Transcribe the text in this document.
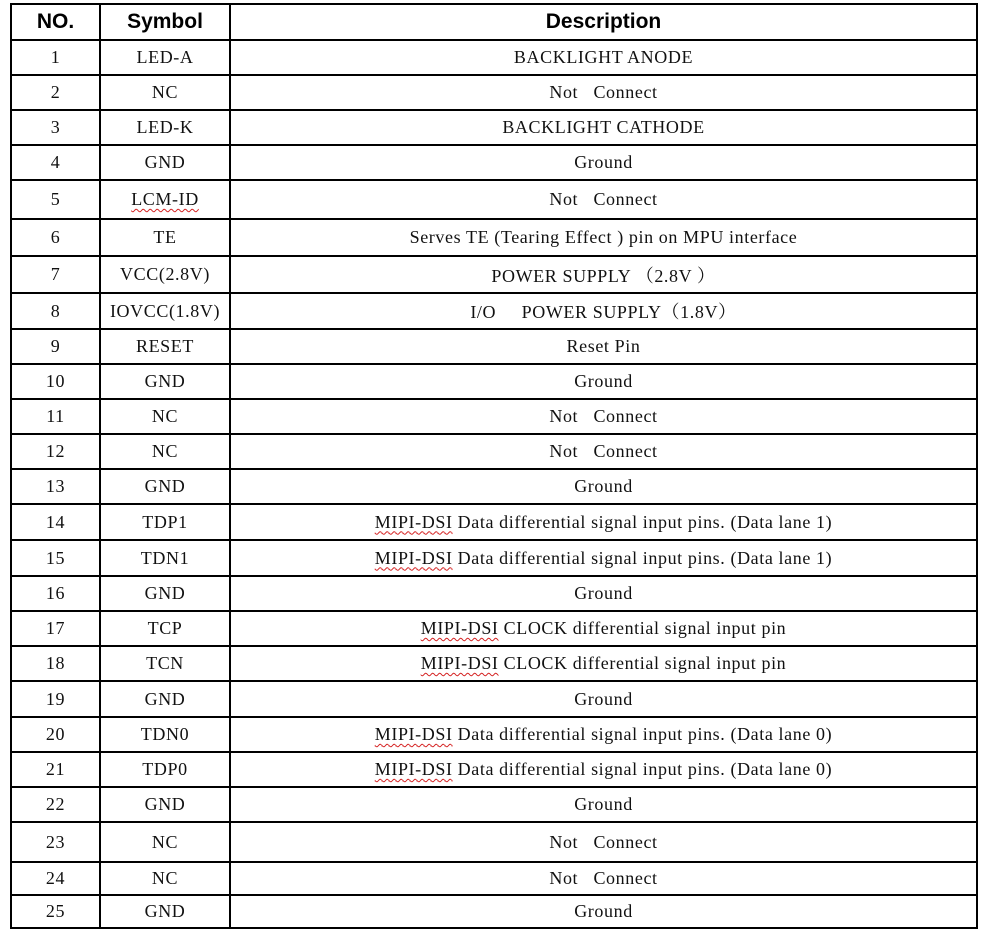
NO.	Symbol	Description
1	LED-A	BACKLIGHT ANODE
2	NC	Not   Connect
3	LED-K	BACKLIGHT CATHODE
4	GND	Ground
5	LCM-ID	Not   Connect
6	TE	Serves TE (Tearing Effect ) pin on MPU interface
7	VCC(2.8V)	POWER SUPPLY （2.8V ）
8	IOVCC(1.8V)	I/O     POWER SUPPLY（1.8V）
9	RESET	Reset Pin
10	GND	Ground
11	NC	Not   Connect
12	NC	Not   Connect
13	GND	Ground
14	TDP1	MIPI-DSI Data differential signal input pins. (Data lane 1)
15	TDN1	MIPI-DSI Data differential signal input pins. (Data lane 1)
16	GND	Ground
17	TCP	MIPI-DSI CLOCK differential signal input pin
18	TCN	MIPI-DSI CLOCK differential signal input pin
19	GND	Ground
20	TDN0	MIPI-DSI Data differential signal input pins. (Data lane 0)
21	TDP0	MIPI-DSI Data differential signal input pins. (Data lane 0)
22	GND	Ground
23	NC	Not   Connect
24	NC	Not   Connect
25	GND	Ground
